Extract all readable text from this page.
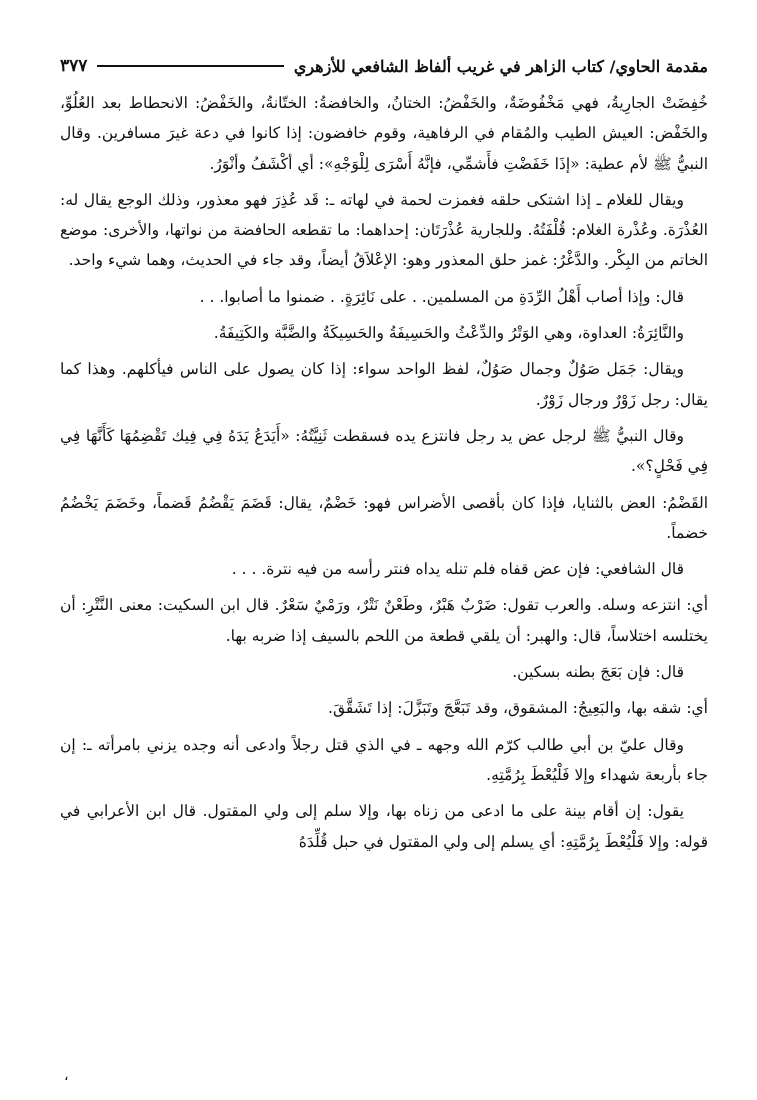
مقدمة الحاوي/ كتاب الزاهر في غريب ألفاظ الشافعي للأزهري
٣٧٧

خُفِضَتْ الجارِيةُ، فهي مَخْفُوضَةٌ، والخَفْضُ: الختانُ، والخافضةُ: الختّانةُ، والخَفْضُ: الانحطاط بعد العُلُوِّ، والخَفْض: العيش الطيب والمُقام في الرفاهية، وقوم خافضون: إذا كانوا في دعة غيرَ مسافرين. وقال النبيُّ ﷺ لأم عطية: «إذَا خَفَضْتِ فأَشمِّي، فإنَّهُ أَسْرَى لِلْوَجْهِ»: أي أكْشَفُ وأنْوَرُ.

ويقال للغلام ـ إذا اشتكى حلقه فغمزت لحمة في لهاته ـ: قَد عُذِرَ فهو معذور، وذلك الوجع يقال له: العُذْرَة. وعُذْرة الغلام: قُلْفَتُهُ. وللجارية عُذْرَتَان: إحداهما: ما تقطعه الحافضة من نواتها، والأخرى: موضع الخاتم من البِكْر. والدَّغْرُ: غمز حلق المعذور وهو: الإعْلاَقُ أيضاً، وقد جاء في الحديث، وهما شيء واحد.

قال: وإذا أصاب أَهْلُ الرِّدَةِ من المسلمين. . على نَائِرَةٍ. . ضمنوا ما أصابوا. . .

والنَّائِرَةُ: العداوة، وهي الوَتْرُ والدِّعْثُ والحَسِيفَةُ والحَسِيكَةُ والضَّبَّة والكَتِيفَةُ.

ويقال: جَمَل صَوُلٌ وجمال صَوُلٌ، لفظ الواحد سواء: إذا كان يصول على الناس فيأكلهم. وهذا كما يقال: رجل زَوْرٌ ورجال زَوْرٌ.

وقال النبيُّ ﷺ لرجل عض يد رجل فانتزع يده فسقطت ثَنِيَّتُهُ: «أَيَدَعُ يَدَهُ فِي فِيك تَقْضِمُهَا كَأَنَّهَا فِي فِي فَحْلٍ؟».

القَضْمُ: العض بالثنايا، فإذا كان بأقصى الأضراس فهو: خَضْمٌ، يقال: قَضَمَ يَقْضُمُ قَضماً، وخَضَمَ يَخْضُمُ خضماً.

قال الشافعي: فإن عض قفاه فلم تنله يداه فنتر رأسه من فيه نترة. . . .

أي: انتزعه وسله. والعرب تقول: ضَرْبٌ هَبْرٌ، وطَعْنٌ نَتْرٌ، ورَمْيٌ سَعْرٌ. قال ابن السكيت: معنى النَّتْرِ: أن يختلسه اختلاساً، قال: والهبر: أن يلقي قطعة من اللحم بالسيف إذا ضربه بها.

قال: فإن بَعَجَ بطنه بسكين.

أي: شقه بها، والبَعِيجُ: المشقوق، وقد تَبَعَّجَ وتَبَزَّلَ: إذا تَشَقَّقَ.

وقال عليّ بن أبي طالب كرّم الله وجهه ـ في الذي قتل رجلاً وادعى أنه وجده يزني بامرأته ـ: إن جاء بأربعة شهداء وإلا فَلْيُعْطَ بِرُمَّتِهِ.

يقول: إن أقام بينة على ما ادعى من زناه بها، وإلا سلم إلى ولي المقتول. قال ابن الأعرابي في قوله: وإلا فَلْيُعْطَ بِرُمَّتِهِ: أي يسلم إلى ولي المقتول في حبل قُلِّدَهُ

،
